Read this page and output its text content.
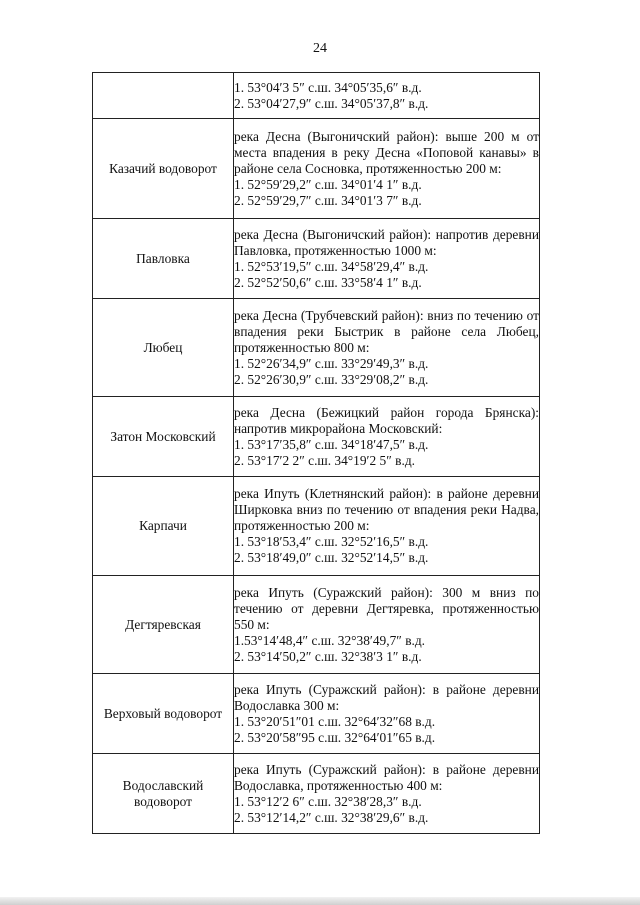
24

	1. 53°04′3 5″ с.ш. 34°05′35,6″ в.д.
2. 53°04′27,9″ с.ш. 34°05′37,8″ в.д.

Казачий водоворот	река Десна (Выгоничский район): выше 200 м от места впадения в реку Десна «Поповой канавы» в районе села Сосновка, протяженностью 200 м:
1. 52°59′29,2″ с.ш. 34°01′4 1″ в.д.
2. 52°59′29,7″ с.ш. 34°01′3 7″ в.д.

Павловка	река Десна (Выгоничский район): напротив деревни Павловка, протяженностью 1000 м:
1. 52°53′19,5″ с.ш. 34°58′29,4″ в.д.
2. 52°52′50,6″ с.ш. 33°58′4 1″ в.д.

Любец	река Десна (Трубчевский район): вниз по течению от впадения реки Быстрик в районе села Любец, протяженностью 800 м:
1. 52°26′34,9″ с.ш. 33°29′49,3″ в.д.
2. 52°26′30,9″ с.ш. 33°29′08,2″ в.д.

Затон Московский	река Десна (Бежицкий район города Брянска): напротив микрорайона Московский:
1. 53°17′35,8″ с.ш. 34°18′47,5″ в.д.
2. 53°17′2 2″ с.ш. 34°19′2 5″ в.д.

Карпачи	река Ипуть (Клетнянский район): в районе деревни Ширковка вниз по течению от впадения реки Надва, протяженностью 200 м:
1. 53°18′53,4″ с.ш. 32°52′16,5″ в.д.
2. 53°18′49,0″ с.ш. 32°52′14,5″ в.д.

Дегтяревская	река Ипуть (Суражский район): 300 м вниз по течению от деревни Дегтяревка, протяженностью 550 м:
1.53°14′48,4″ с.ш. 32°38′49,7″ в.д.
2. 53°14′50,2″ с.ш. 32°38′3 1″ в.д.

Верховый водоворот	река Ипуть (Суражский район): в районе деревни Водославка 300 м:
1. 53°20′51″01 с.ш. 32°64′32″68 в.д.
2. 53°20′58″95 с.ш. 32°64′01″65 в.д.

Водославский водоворот	река Ипуть (Суражский район): в районе деревни Водославка, протяженностью 400 м:
1. 53°12′2 6″ с.ш. 32°38′28,3″ в.д.
2. 53°12′14,2″ с.ш. 32°38′29,6″ в.д.
